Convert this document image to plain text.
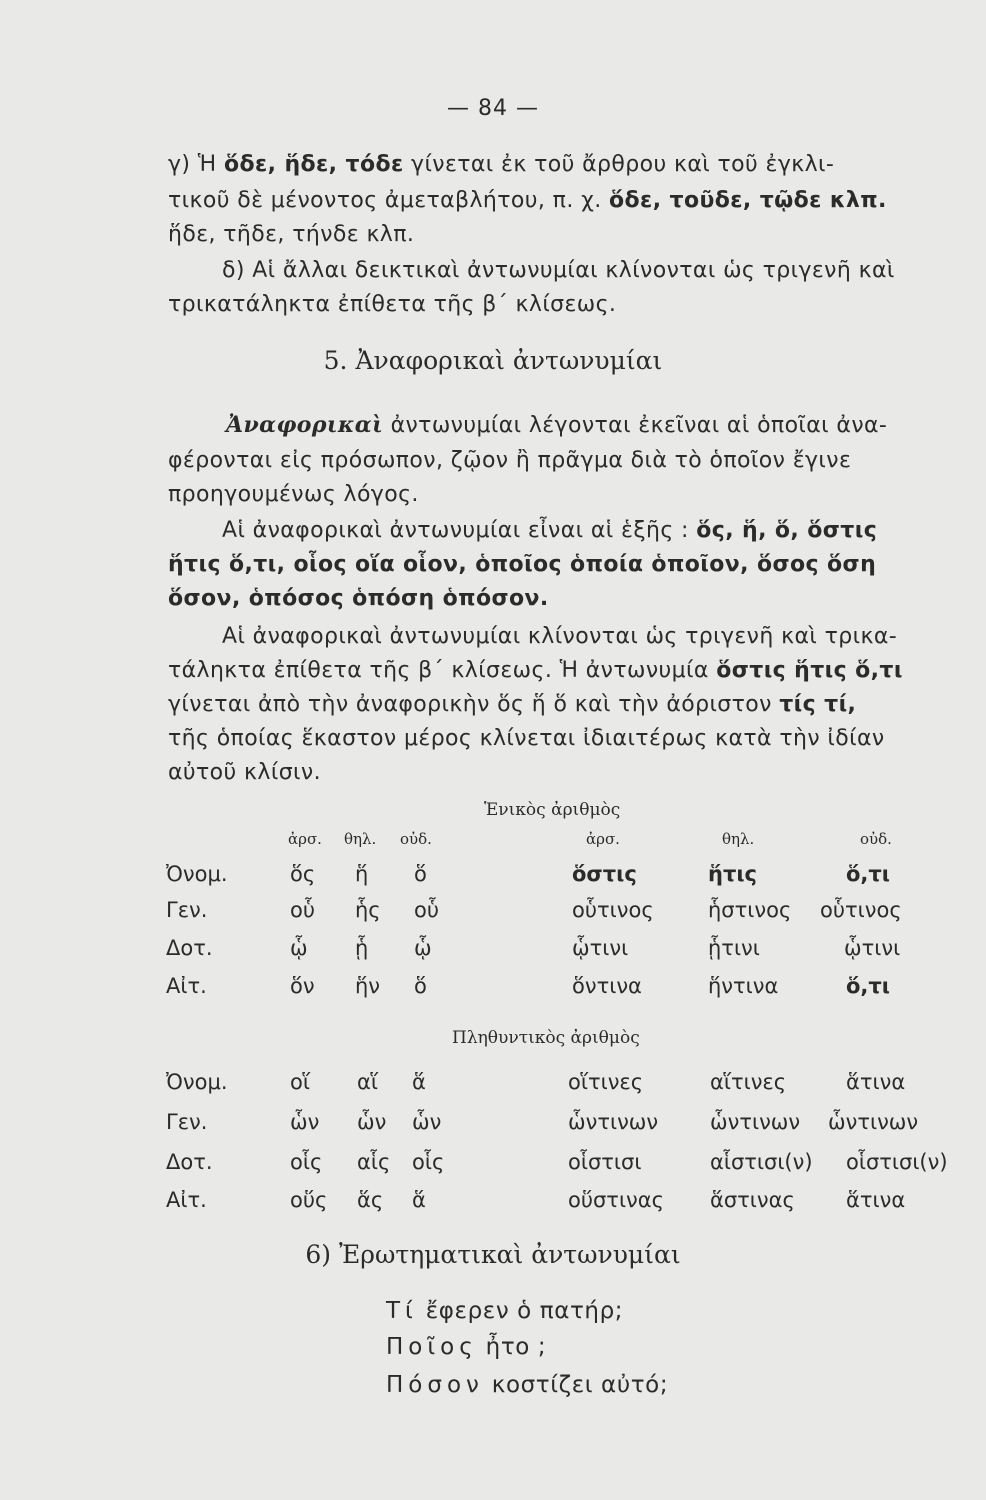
— 84 —
γ) Ἡ ὅδε, ἥδε, τόδε γίνεται ἐκ τοῦ ἄρθρου καὶ τοῦ ἐγκλι-
τικοῦ δὲ μένοντος ἀμεταβλήτου, π. χ. ὅδε, τοῦδε, τῷδε κλπ.
ἥδε, τῆδε, τήνδε κλπ.
δ) Αἱ ἄλλαι δεικτικαὶ ἀντωνυμίαι κλίνονται ὡς τριγενῆ καὶ
τρικατάληκτα ἐπίθετα τῆς β΄ κλίσεως.
5. Ἀναφορικαὶ ἀντωνυμίαι
Ἀναφορικαὶ ἀντωνυμίαι λέγονται ἐκεῖναι αἱ ὁποῖαι ἀνα-
φέρονται εἰς πρόσωπον, ζῷον ἢ πρᾶγμα διὰ τὸ ὁποῖον ἔγινε
προηγουμένως λόγος.
Αἱ ἀναφορικαὶ ἀντωνυμίαι εἶναι αἱ ἑξῆς : ὅς, ἥ, ὅ, ὅστις
ἥτις ὅ,τι, οἷος οἵα οἷον, ὁποῖος ὁποία ὁποῖον, ὅσος ὅση
ὅσον, ὁπόσος ὁπόση ὁπόσον.
Αἱ ἀναφορικαὶ ἀντωνυμίαι κλίνονται ὡς τριγενῆ καὶ τρικα-
τάληκτα ἐπίθετα τῆς β΄ κλίσεως. Ἡ ἀντωνυμία ὅστις ἥτις ὅ,τι
γίνεται ἀπὸ τὴν ἀναφορικὴν ὅς ἥ ὅ καὶ τὴν ἀόριστον τίς τί,
τῆς ὁποίας ἕκαστον μέρος κλίνεται ἰδιαιτέρως κατὰ τὴν ἰδίαν
αὐτοῦ κλίσιν.
Ἑνικὸς ἀριθμὸς
ἀρσ. θηλ. οὐδ.	ἀρσ.	θηλ.	οὐδ.
Ὀνομ.	ὅς ἥ ὅ	ὅστις	ἥτις	ὅ,τι
Γεν.	οὗ ἧς οὗ	οὗτινος	ἧστινος οὗτινος
Δοτ.	ᾧ ᾗ ᾧ	ᾧτινι	ᾗτινι	ᾧτινι
Αἰτ.	ὅν ἥν ὅ	ὅντινα	ἥντινα	ὅ,τι
Πληθυντικὸς ἀριθμὸς
Ὀνομ.	οἵ αἵ ἅ	οἵτινες	αἵτινες	ἅτινα
Γεν.	ὧν ὧν ὧν	ὧντινων ὧντινων ὧντινων
Δοτ.	οἷς αἷς οἷς	οἷστισι	αἷστισι(ν) οἷστισι(ν)
Αἰτ.	οὕς ἅς ἅ	οὕστινας ἅστινας ἅτινα
6) Ἐρωτηματικαὶ ἀντωνυμίαι
Τί ἔφερεν ὁ πατήρ;
Ποῖος ἦτο ;
Πόσον κοστίζει αὐτό;
